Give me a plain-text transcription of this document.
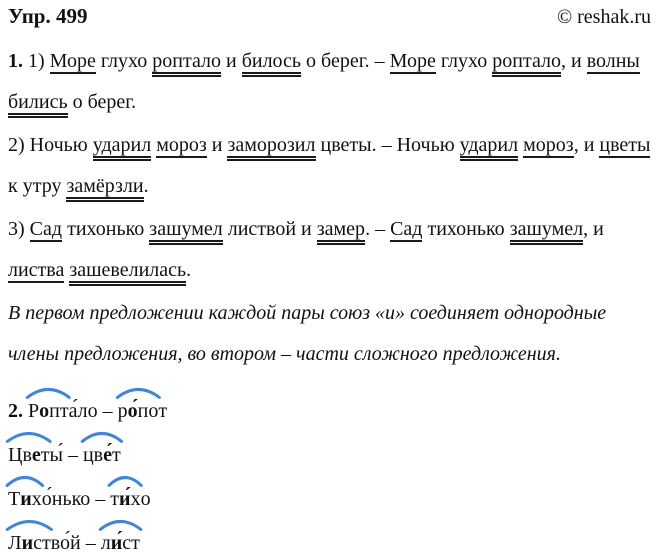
Упр. 499	© reshak.ru

1. 1) Море глухо роптало и билось о берег. – Море глухо роптало, и волны бились о берег.

2) Ночью ударил мороз и заморозил цветы. – Ночью ударил мороз, и цветы к утру замёрзли.

3) Сад тихонько зашумел листвой и замер. – Сад тихонько зашумел, и листва зашевелилась.

В первом предложении каждой пары союз «и» соединяет однородные члены предложения, во втором – части сложного предложения.

2.
Ропта́ло –
ро́пот

Цветы́ –
цве́т

Тихо́нько –
ти́хо

Листво́й –
ли́ст
